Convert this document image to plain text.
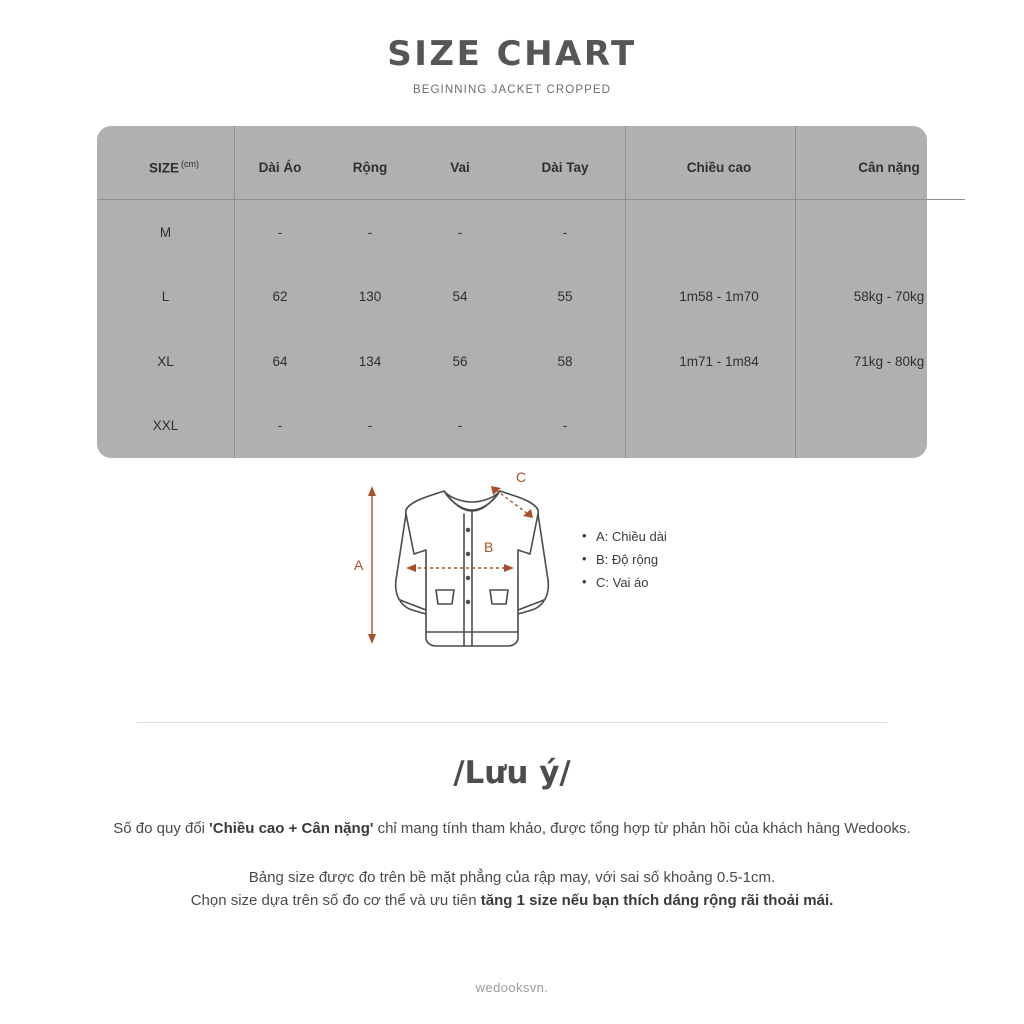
SIZE CHART
BEGINNING JACKET CROPPED
SIZE $^{(cm)}$	Dài Áo	Rộng	Vai	Dài Tay	Chiều cao	Cân nặng
M	-	-	-	-		
L	62	130	54	55	1m58 - 1m70	58kg - 70kg
XL	64	134	56	58	1m71 - 1m84	71kg - 80kg
XXL	-	-	-	-		
A
B
C
• A: Chiều dài
• B: Độ rộng
• C: Vai áo
/Lưu ý/

Số đo quy đổi 'Chiều cao + Cân nặng' chỉ mang tính tham khảo, được tổng hợp từ phản hồi của khách hàng Wedooks.

Bảng size được đo trên bề mặt phẳng của rập may, với sai số khoảng 0.5-1cm.

Chọn size dựa trên số đo cơ thể và ưu tiên tăng 1 size nếu bạn thích dáng rộng rãi thoải mái.

wedooksvn.
